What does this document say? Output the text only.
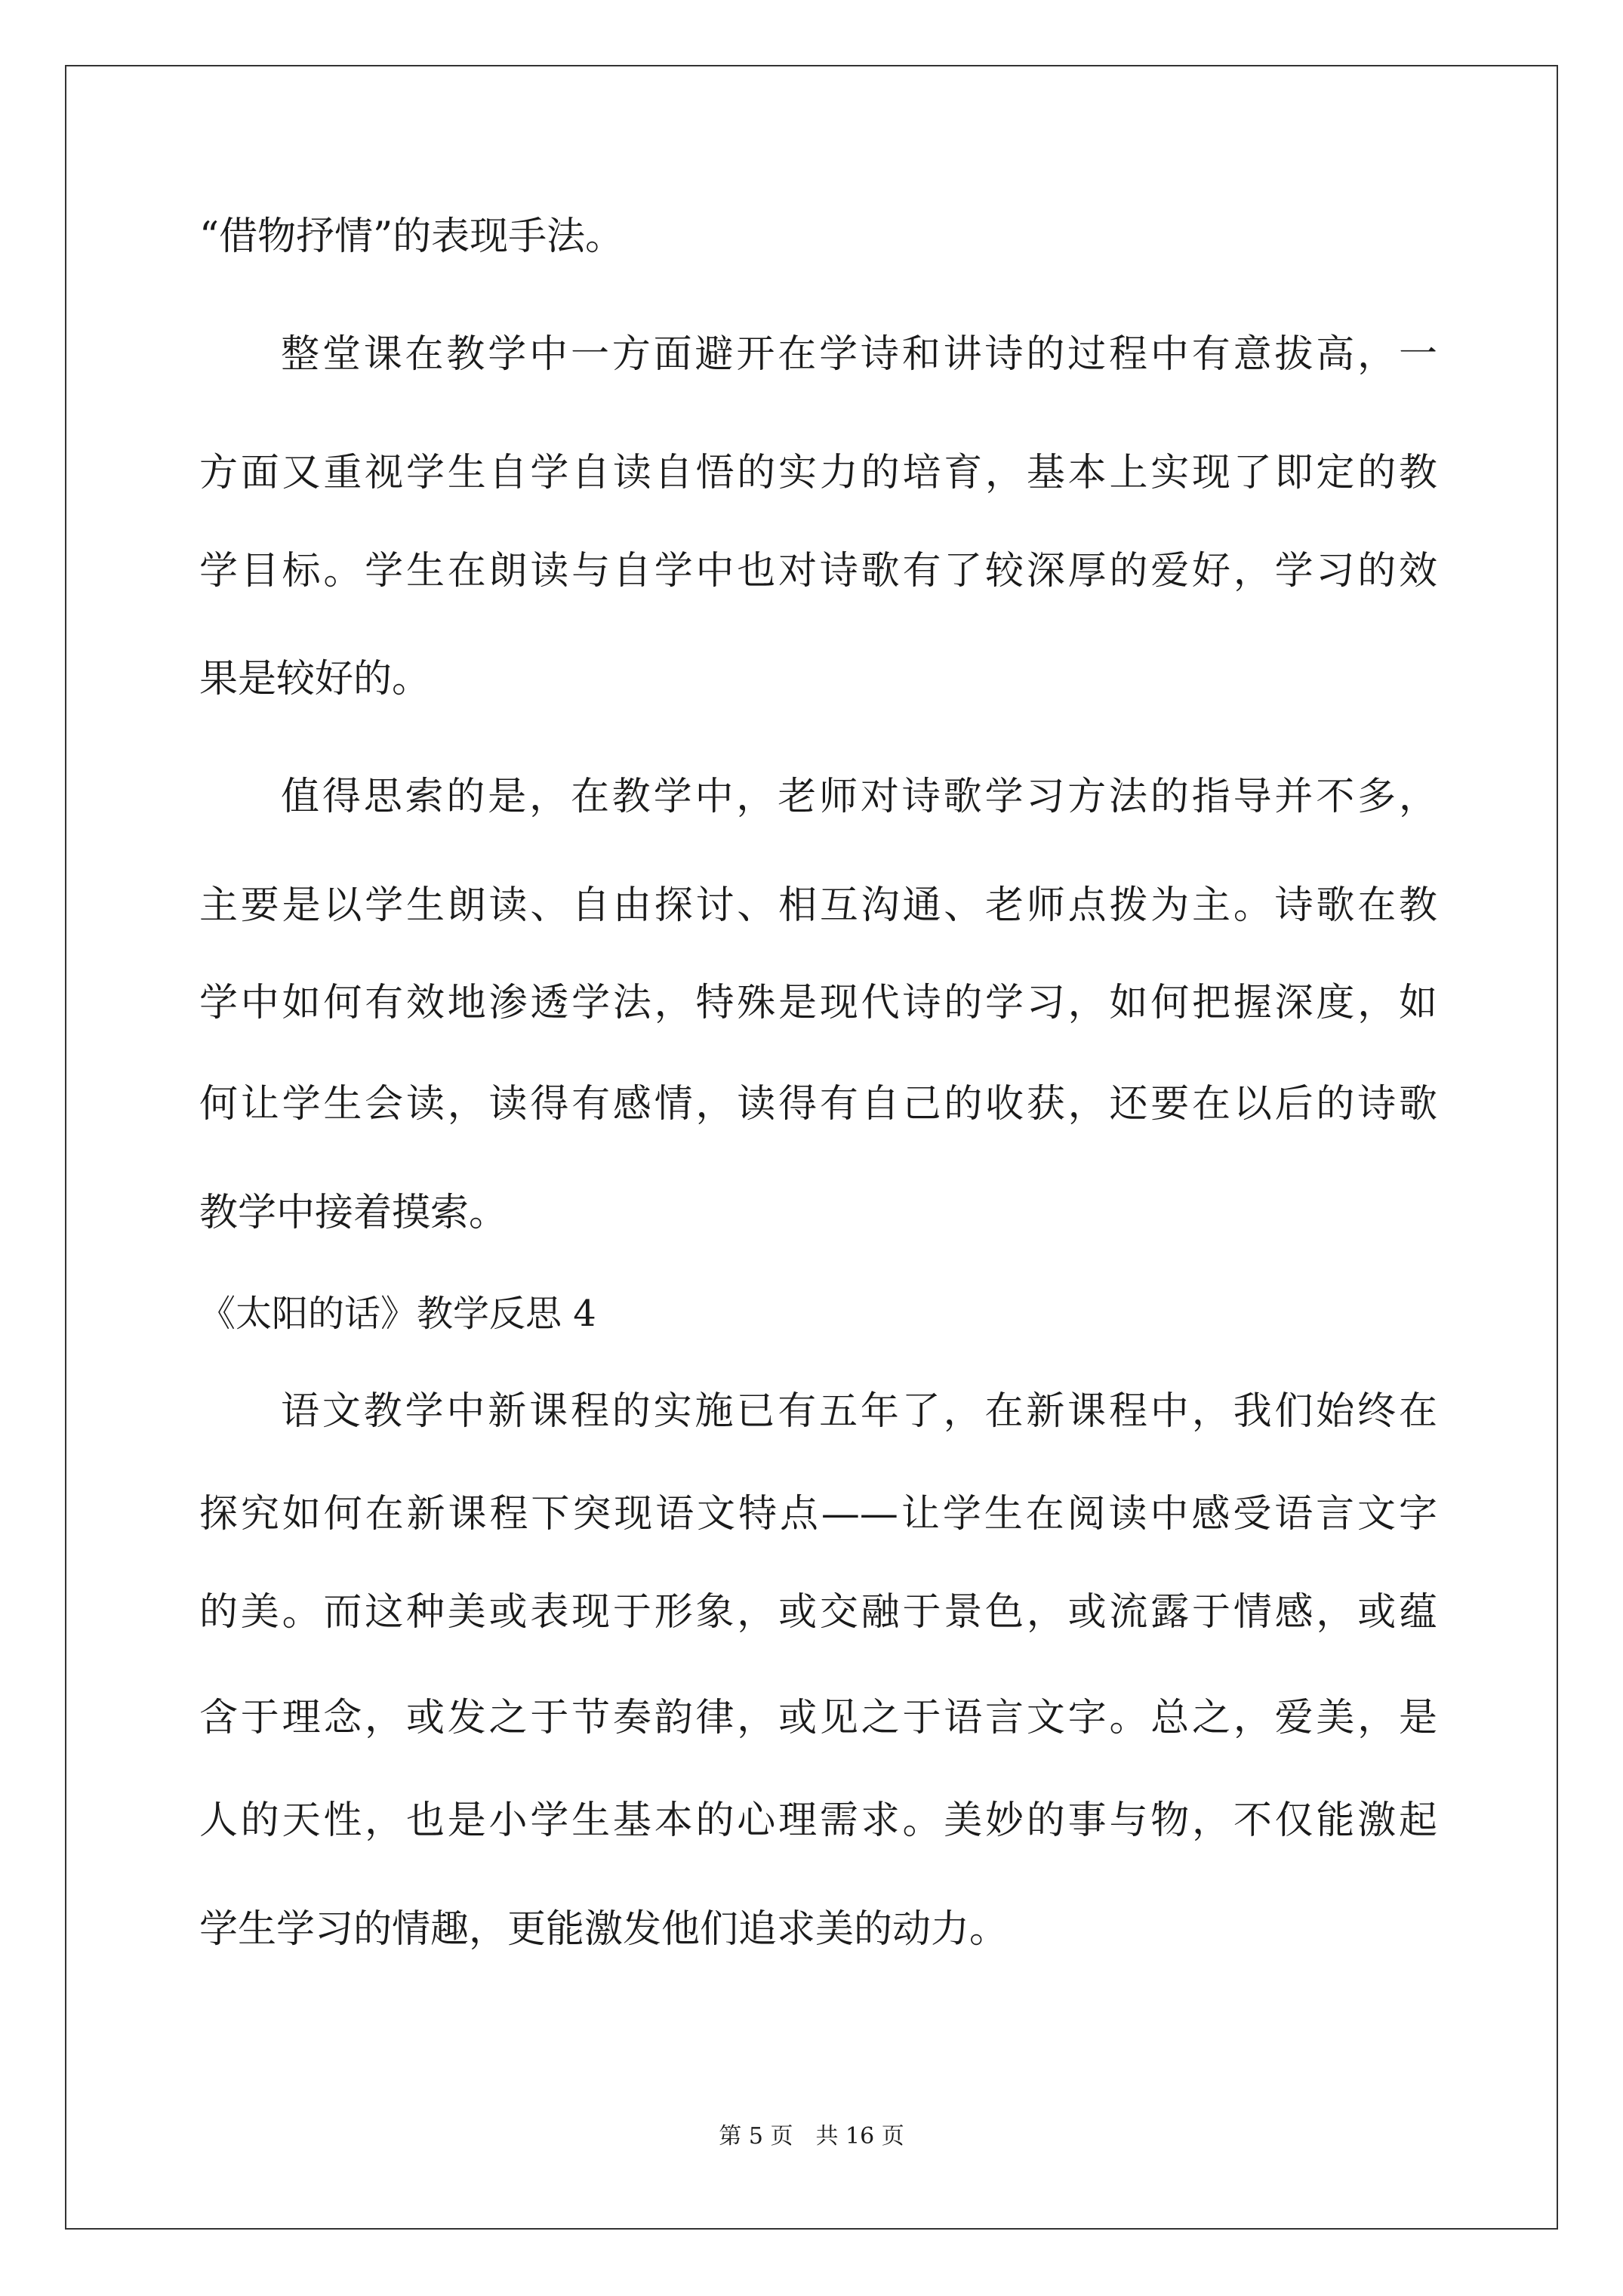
“借物抒情”的表现手法。
整堂课在教学中一方面避开在学诗和讲诗的过程中有意拔高，一
方面又重视学生自学自读自悟的实力的培育，基本上实现了即定的教
学目标。学生在朗读与自学中也对诗歌有了较深厚的爱好，学习的效
果是较好的。
值得思索的是，在教学中，老师对诗歌学习方法的指导并不多，
主要是以学生朗读、自由探讨、相互沟通、老师点拨为主。诗歌在教
学中如何有效地渗透学法，特殊是现代诗的学习，如何把握深度，如
何让学生会读，读得有感情，读得有自己的收获，还要在以后的诗歌
教学中接着摸索。
《太阳的话》教学反思 4
语文教学中新课程的实施已有五年了，在新课程中，我们始终在
探究如何在新课程下突现语文特点——让学生在阅读中感受语言文字
的美。而这种美或表现于形象，或交融于景色，或流露于情感，或蕴
含于理念，或发之于节奏韵律，或见之于语言文字。总之，爱美，是
人的天性，也是小学生基本的心理需求。美妙的事与物，不仅能激起
学生学习的情趣，更能激发他们追求美的动力。
第 5 页　共 16 页
